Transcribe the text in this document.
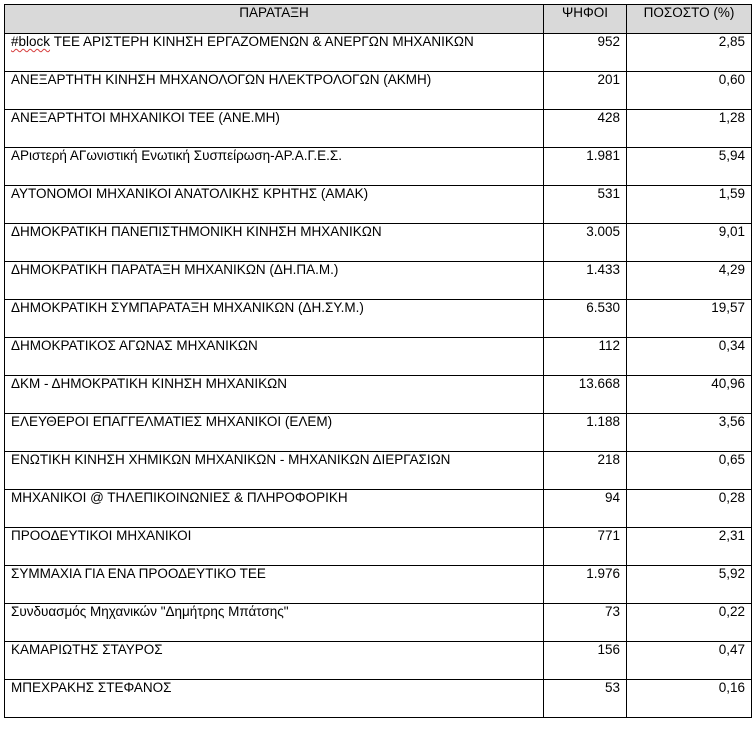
ΠΑΡΑΤΑΞΗ	ΨΗΦΟΙ	ΠΟΣΟΣΤΟ (%)
#block ΤΕΕ ΑΡΙΣΤΕΡΗ ΚΙΝΗΣΗ ΕΡΓΑΖΟΜΕΝΩΝ & ΑΝΕΡΓΩΝ ΜΗΧΑΝΙΚΩΝ	952	2,85
ΑΝΕΞΑΡΤΗΤΗ ΚΙΝΗΣΗ ΜΗΧΑΝΟΛΟΓΩΝ ΗΛΕΚΤΡΟΛΟΓΩΝ (ΑΚΜΗ)	201	0,60
ΑΝΕΞΑΡΤΗΤΟΙ ΜΗΧΑΝΙΚΟΙ ΤΕΕ (ΑΝΕ.ΜΗ)	428	1,28
ΑΡιστερή ΑΓωνιστική Ενωτική Συσπείρωση-ΑΡ.Α.Γ.Ε.Σ.	1.981	5,94
ΑΥΤΟΝΟΜΟΙ ΜΗΧΑΝΙΚΟΙ ΑΝΑΤΟΛΙΚΗΣ ΚΡΗΤΗΣ (ΑΜΑΚ)	531	1,59
ΔΗΜΟΚΡΑΤΙΚΗ ΠΑΝΕΠΙΣΤΗΜΟΝΙΚΗ ΚΙΝΗΣΗ ΜΗΧΑΝΙΚΩΝ	3.005	9,01
ΔΗΜΟΚΡΑΤΙΚΗ ΠΑΡΑΤΑΞΗ ΜΗΧΑΝΙΚΩΝ (ΔΗ.ΠΑ.Μ.)	1.433	4,29
ΔΗΜΟΚΡΑΤΙΚΗ ΣΥΜΠΑΡΑΤΑΞΗ ΜΗΧΑΝΙΚΩΝ (ΔΗ.ΣΥ.Μ.)	6.530	19,57
ΔΗΜΟΚΡΑΤΙΚΟΣ ΑΓΩΝΑΣ ΜΗΧΑΝΙΚΩΝ	112	0,34
ΔΚΜ - ΔΗΜΟΚΡΑΤΙΚΗ ΚΙΝΗΣΗ ΜΗΧΑΝΙΚΩΝ	13.668	40,96
ΕΛΕΥΘΕΡΟΙ ΕΠΑΓΓΕΛΜΑΤΙΕΣ ΜΗΧΑΝΙΚΟΙ (ΕΛΕΜ)	1.188	3,56
ΕΝΩΤΙΚΗ ΚΙΝΗΣΗ ΧΗΜΙΚΩΝ ΜΗΧΑΝΙΚΩΝ - ΜΗΧΑΝΙΚΩΝ ΔΙΕΡΓΑΣΙΩΝ	218	0,65
ΜΗΧΑΝΙΚΟΙ @ ΤΗΛΕΠΙΚΟΙΝΩΝΙΕΣ & ΠΛΗΡΟΦΟΡΙΚΗ	94	0,28
ΠΡΟΟΔΕΥΤΙΚΟΙ ΜΗΧΑΝΙΚΟΙ	771	2,31
ΣΥΜΜΑΧΙΑ ΓΙΑ ΕΝΑ ΠΡΟΟΔΕΥΤΙΚΟ ΤΕΕ	1.976	5,92
Συνδυασμός Μηχανικών "Δημήτρης Μπάτσης"	73	0,22
ΚΑΜΑΡΙΩΤΗΣ ΣΤΑΥΡΟΣ	156	0,47
ΜΠΕΧΡΑΚΗΣ ΣΤΕΦΑΝΟΣ	53	0,16
